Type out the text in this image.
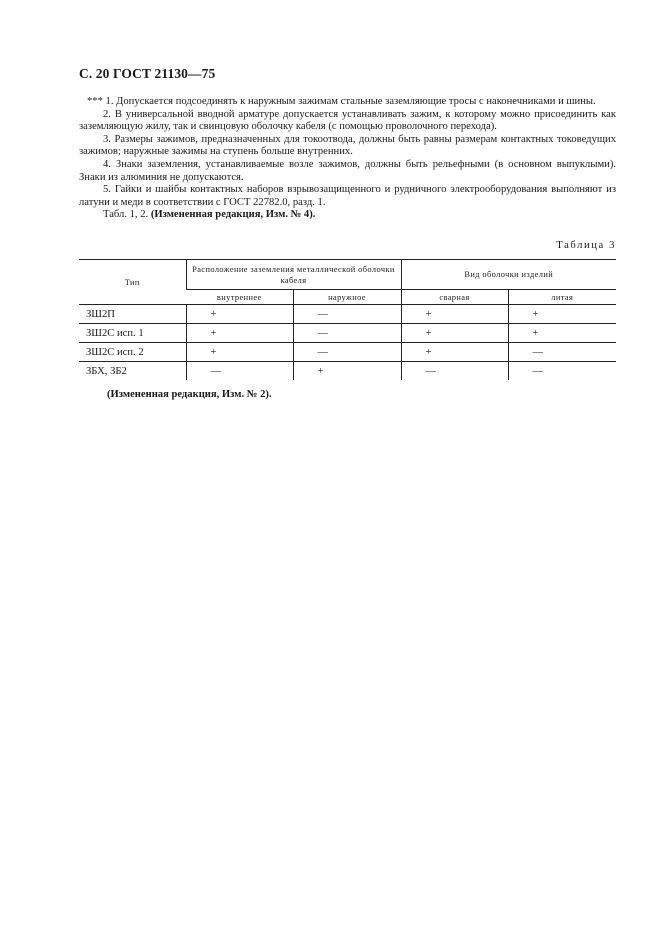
С. 20 ГОСТ 21130—75

*** 1. Допускается подсоединять к наружным зажимам стальные заземляющие тросы с наконечниками и шины.

2. В универсальной вводной арматуре допускается устанавливать зажим, к которому можно присоединить как заземляющую жилу, так и свинцовую оболочку кабеля (с помощью проволочного перехода).

3. Размеры зажимов, предназначенных для токоотвода, должны быть равны размерам контактных токоведущих зажимов; наружные зажимы на ступень больше внутренних.

4. Знаки заземления, устанавливаемые возле зажимов, должны быть рельефными (в основном выпуклыми). Знаки из алюминия не допускаются.

5. Гайки и шайбы контактных наборов взрывозащищенного и рудничного электрооборудования выполняют из латуни и меди в соответствии с ГОСТ 22782.0, разд. 1.

Табл. 1, 2. (Измененная редакция, Изм. № 4).

Таблица 3
Тип	Расположение заземления металлической оболочки кабеля		Вид оболочки изделий	
	внутреннее	наружное	сварная	литая
ЗШ2П	+	—	+	+
ЗШ2С исп. 1	+	—	+	+
ЗШ2С исп. 2	+	—	+	—
ЗБХ, ЗБ2	—	+	—	—
(Измененная редакция, Изм. № 2).
